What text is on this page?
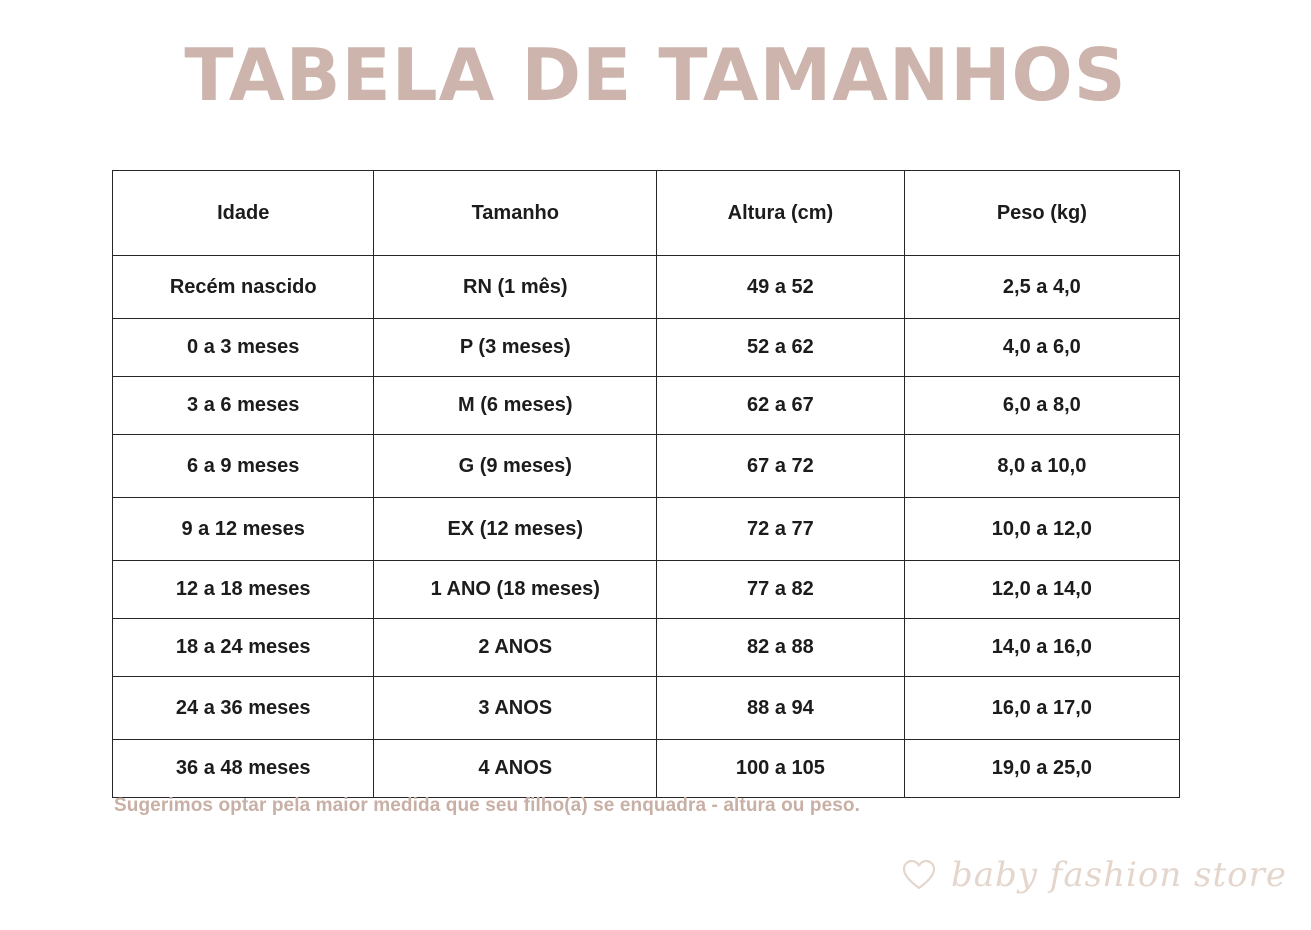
TABELA DE TAMANHOS
Idade	Tamanho	Altura (cm)	Peso (kg)
Recém nascido	RN (1 mês)	49 a 52	2,5 a 4,0
0 a 3 meses	P (3 meses)	52 a 62	4,0 a 6,0
3 a 6 meses	M (6 meses)	62 a 67	6,0 a 8,0
6 a 9 meses	G (9 meses)	67 a 72	8,0 a 10,0
9 a 12 meses	EX (12 meses)	72 a 77	10,0 a 12,0
12 a 18 meses	1 ANO (18 meses)	77 a 82	12,0 a 14,0
18 a 24 meses	2 ANOS	82 a 88	14,0 a 16,0
24 a 36 meses	3 ANOS	88 a 94	16,0 a 17,0
36 a 48 meses	4 ANOS	100 a 105	19,0 a 25,0
Sugerimos optar pela maior medida que seu filho(a) se enquadra - altura ou peso.
baby fashion store
